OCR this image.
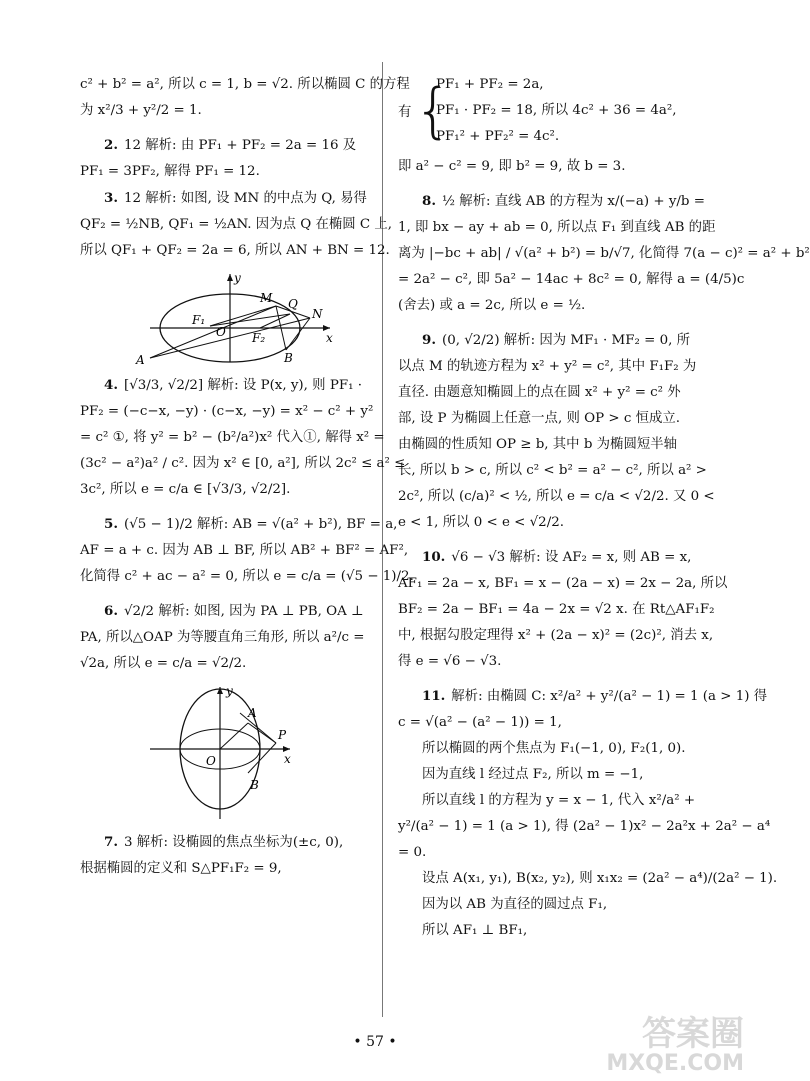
c² + b² = a², 所以 c = 1, b = √2. 所以椭圆 C 的方程
为 x²/3 + y²/2 = 1.
2. 12 解析: 由 PF₁ + PF₂ = 2a = 16 及
PF₁ = 3PF₂, 解得 PF₁ = 12.
3. 12 解析: 如图, 设 MN 的中点为 Q, 易得
QF₂ = ½NB, QF₁ = ½AN. 因为点 Q 在椭圆 C 上,
所以 QF₁ + QF₂ = 2a = 6, 所以 AN + BN = 12.
y
x
M Q
N
F₁
O F₂
A	B
4. [√3/3, √2/2] 解析: 设 P(x, y), 则 PF₁ ·
PF₂ = (−c−x, −y) · (c−x, −y) = x² − c² + y²
= c² ①, 将 y² = b² − (b²/a²)x² 代入①, 解得 x² =
(3c² − a²)a² / c². 因为 x² ∈ [0, a²], 所以 2c² ≤ a² ≤
3c², 所以 e = c/a ∈ [√3/3, √2/2].
5. (√5 − 1)/2 解析: AB = √(a² + b²), BF = a,
AF = a + c. 因为 AB ⊥ BF, 所以 AB² + BF² = AF²,
化简得 c² + ac − a² = 0, 所以 e = c/a = (√5 − 1)/2.
6. √2/2 解析: 如图, 因为 PA ⊥ PB, OA ⊥
PA, 所以△OAP 为等腰直角三角形, 所以 a²/c =
√2a, 所以 e = c/a = √2/2.
y
x
A
P
O
B
7. 3 解析: 设椭圆的焦点坐标为(±c, 0),
根据椭圆的定义和 S△PF₁F₂ = 9,
有 {
PF₁ + PF₂ = 2a,
PF₁ · PF₂ = 18, 所以 4c² + 36 = 4a²,
PF₁² + PF₂² = 4c².
即 a² − c² = 9, 即 b² = 9, 故 b = 3.
8. ½ 解析: 直线 AB 的方程为 x/(−a) + y/b =
1, 即 bx − ay + ab = 0, 所以点 F₁ 到直线 AB 的距
离为 |−bc + ab| / √(a² + b²) = b/√7, 化简得 7(a − c)² = a² + b²
= 2a² − c², 即 5a² − 14ac + 8c² = 0, 解得 a = (4/5)c
(舍去) 或 a = 2c, 所以 e = ½.
9. (0, √2/2) 解析: 因为 MF₁ · MF₂ = 0, 所
以点 M 的轨迹方程为 x² + y² = c², 其中 F₁F₂ 为
直径. 由题意知椭圆上的点在圆 x² + y² = c² 外
部, 设 P 为椭圆上任意一点, 则 OP > c 恒成立.
由椭圆的性质知 OP ≥ b, 其中 b 为椭圆短半轴
长, 所以 b > c, 所以 c² < b² = a² − c², 所以 a² >
2c², 所以 (c/a)² < ½, 所以 e = c/a < √2/2. 又 0 <
e < 1, 所以 0 < e < √2/2.
10. √6 − √3 解析: 设 AF₂ = x, 则 AB = x,
AF₁ = 2a − x, BF₁ = x − (2a − x) = 2x − 2a, 所以
BF₂ = 2a − BF₁ = 4a − 2x = √2 x. 在 Rt△AF₁F₂
中, 根据勾股定理得 x² + (2a − x)² = (2c)², 消去 x,
得 e = √6 − √3.
11. 解析: 由椭圆 C: x²/a² + y²/(a² − 1) = 1 (a > 1) 得
c = √(a² − (a² − 1)) = 1,
所以椭圆的两个焦点为 F₁(−1, 0), F₂(1, 0).
因为直线 l 经过点 F₂, 所以 m = −1,
所以直线 l 的方程为 y = x − 1, 代入 x²/a² +
y²/(a² − 1) = 1 (a > 1), 得 (2a² − 1)x² − 2a²x + 2a² − a⁴
= 0.
设点 A(x₁, y₁), B(x₂, y₂), 则 x₁x₂ = (2a² − a⁴)/(2a² − 1).
因为以 AB 为直径的圆过点 F₁,
所以 AF₁ ⊥ BF₁,
• 57 •	答案圈
MXQE.COM
